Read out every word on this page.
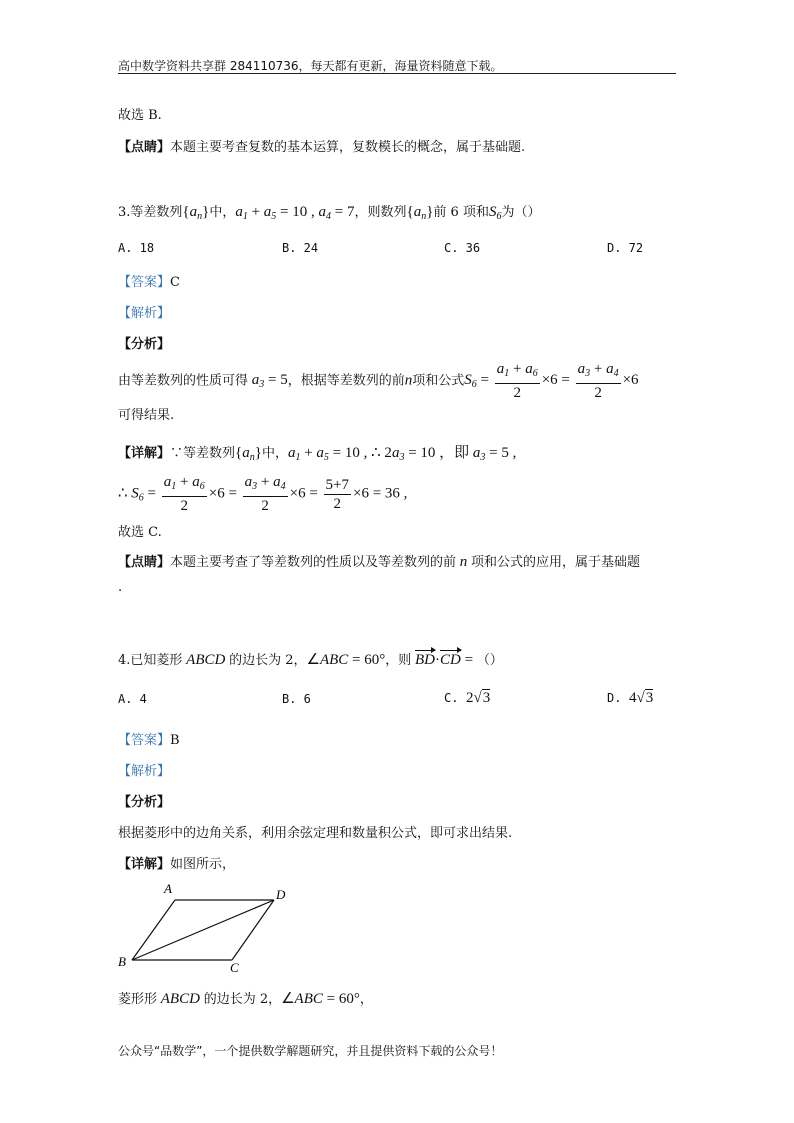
高中数学资料共享群 284110736，每天都有更新，海量资料随意下载。
故选 B.
【点睛】本题主要考查复数的基本运算，复数模长的概念，属于基础题.
3.等差数列$\{a_n\}$中，$a_1 + a_5 = 10$ , $a_4 = 7$，则数列$\{a_n\}$前 6 项和$S_6$为（）
A. 18	B. 24	C. 36	D. 72
【答案】C
【解析】
【分析】
由等差数列的性质可得 $a_3 = 5$，根据等差数列的前n项和公式$S_6 = \frac{a_1 + a_6}{2} \times 6 = \frac{a_3 + a_4}{2} \times 6$
可得结果.
【详解】∵等差数列$\{a_n\}$中，$a_1 + a_5 = 10$ , ∴ $2a_3 = 10$ ，即 $a_3 = 5$ ,
∴ $S_6 = \frac{a_1 + a_6}{2} \times 6 = \frac{a_3 + a_4}{2} \times 6 = \frac{5+7}{2} \times 6 = 36$ ,
故选 C.
【点睛】本题主要考查了等差数列的性质以及等差数列的前 n 项和公式的应用，属于基础题
.
4.已知菱形 ABCD 的边长为 2，∠ABC = 60°，则 BD·CD = （）
A. 4	B. 6	C.  2√3	D.  4√3
【答案】B
【解析】
【分析】
根据菱形中的边角关系，利用余弦定理和数量积公式，即可求出结果.
【详解】如图所示，
A	D
B	C
菱形形 ABCD 的边长为 2，∠ABC = 60°，
公众号“品数学”，一个提供数学解题研究，并且提供资料下载的公众号！
